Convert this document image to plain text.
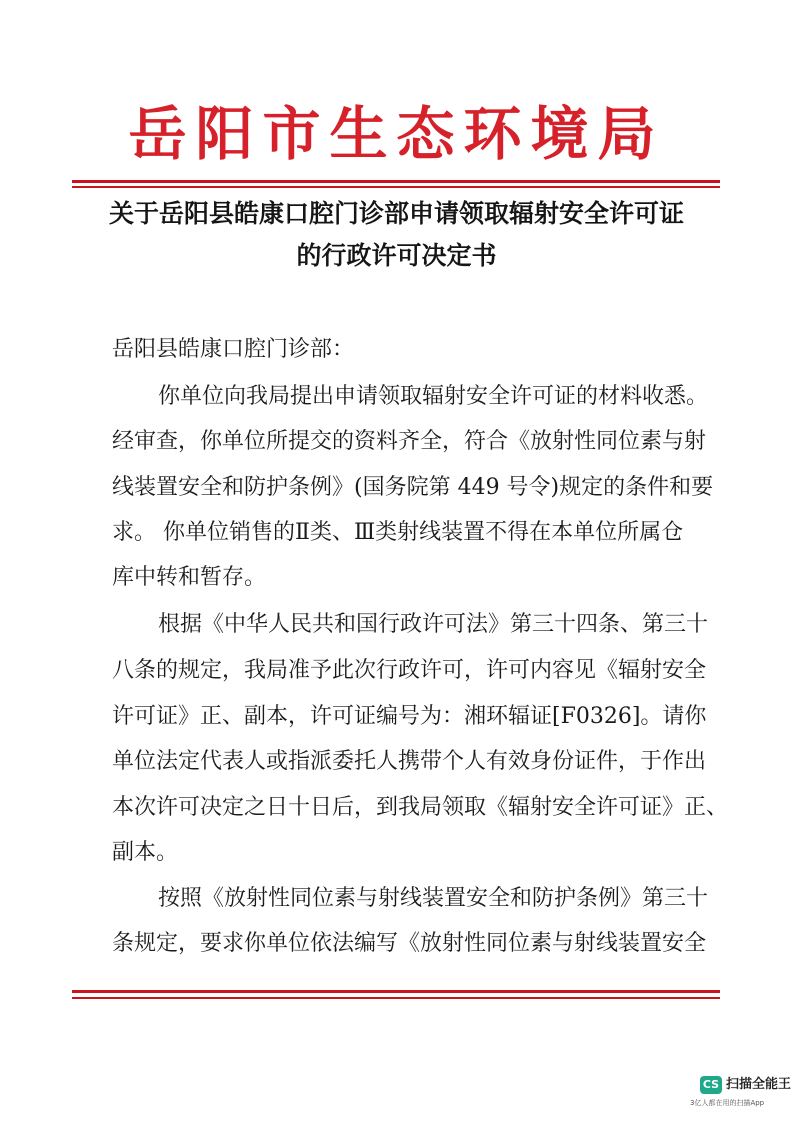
岳阳市生态环境局
关于岳阳县皓康口腔门诊部申请领取辐射安全许可证
的行政许可决定书
岳阳县皓康口腔门诊部：
你单位向我局提出申请领取辐射安全许可证的材料收悉。
经审查，你单位所提交的资料齐全，符合《放射性同位素与射
线装置安全和防护条例》(国务院第 449 号令)规定的条件和要
求。 你单位销售的Ⅱ类、Ⅲ类射线装置不得在本单位所属仓
库中转和暂存。
根据《中华人民共和国行政许可法》第三十四条、第三十
八条的规定，我局准予此次行政许可，许可内容见《辐射安全
许可证》正、副本，许可证编号为：湘环辐证[F0326]。请你
单位法定代表人或指派委托人携带个人有效身份证件，于作出
本次许可决定之日十日后，到我局领取《辐射安全许可证》正、
副本。
按照《放射性同位素与射线装置安全和防护条例》第三十
条规定，要求你单位依法编写《放射性同位素与射线装置安全
CS 扫描全能王
3亿人都在用的扫描App
